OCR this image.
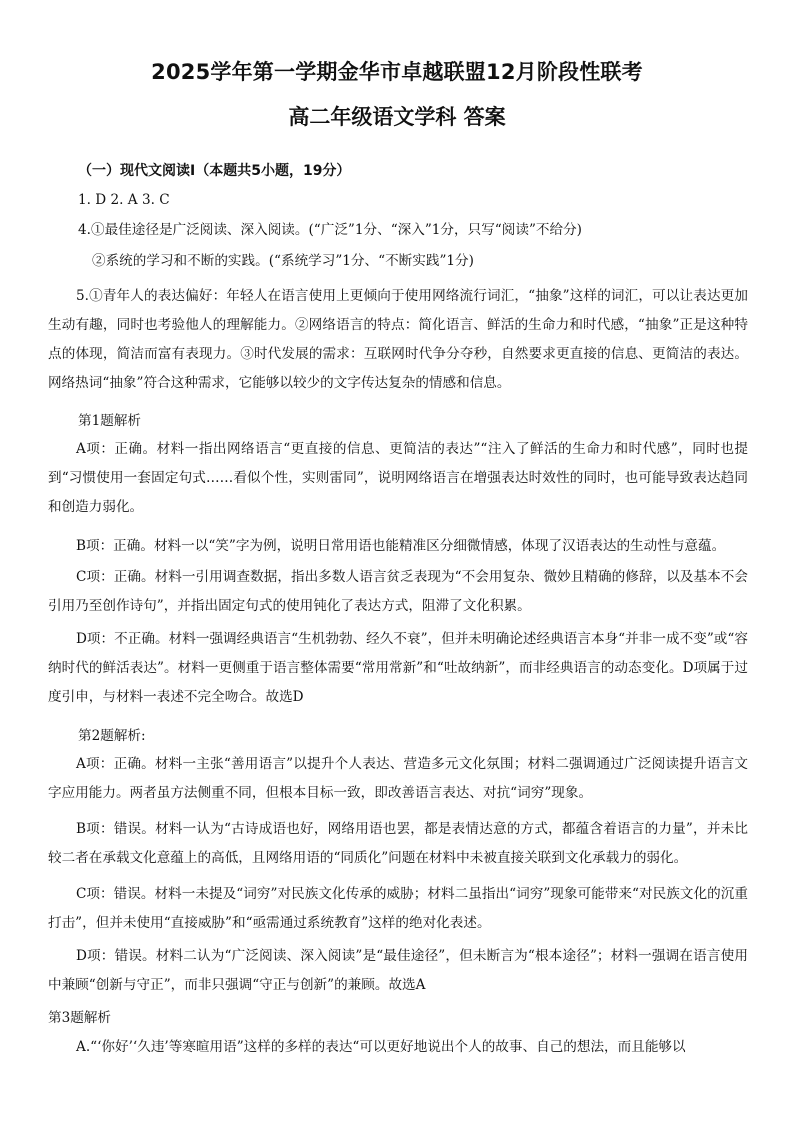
2025学年第一学期金华市卓越联盟12月阶段性联考
高二年级语文学科 答案
（一）现代文阅读Ⅰ（本题共5小题，19分）
1. D 2. A 3. C
4.①最佳途径是广泛阅读、深入阅读。(“广泛”1分、“深入”1分，只写“阅读”不给分)
②系统的学习和不断的实践。(“系统学习”1分、“不断实践”1分)
5.①青年人的表达偏好：年轻人在语言使用上更倾向于使用网络流行词汇，“抽象”这样的词汇，可以让表达更加生动有趣，同时也考验他人的理解能力。②网络语言的特点：简化语言、鲜活的生命力和时代感，“抽象”正是这种特点的体现，简洁而富有表现力。③时代发展的需求：互联网时代争分夺秒，自然要求更直接的信息、更简洁的表达。网络热词“抽象”符合这种需求，它能够以较少的文字传达复杂的情感和信息。
第1题解析
A项：正确。材料一指出网络语言“更直接的信息、更简洁的表达”“注入了鲜活的生命力和时代感”，同时也提到“习惯使用一套固定句式……看似个性，实则雷同”，说明网络语言在增强表达时效性的同时，也可能导致表达趋同和创造力弱化。
B项：正确。材料一以“笑”字为例，说明日常用语也能精准区分细微情感，体现了汉语表达的生动性与意蕴。
C项：正确。材料一引用调查数据，指出多数人语言贫乏表现为“不会用复杂、微妙且精确的修辞，以及基本不会引用乃至创作诗句”，并指出固定句式的使用钝化了表达方式，阻滞了文化积累。
D项：不正确。材料一强调经典语言“生机勃勃、经久不衰”，但并未明确论述经典语言本身“并非一成不变”或“容纳时代的鲜活表达”。材料一更侧重于语言整体需要“常用常新”和“吐故纳新”，而非经典语言的动态变化。D项属于过度引申，与材料一表述不完全吻合。故选D
第2题解析:
A项：正确。材料一主张“善用语言”以提升个人表达、营造多元文化氛围；材料二强调通过广泛阅读提升语言文字应用能力。两者虽方法侧重不同，但根本目标一致，即改善语言表达、对抗“词穷”现象。
B项：错误。材料一认为“古诗成语也好，网络用语也罢，都是表情达意的方式，都蕴含着语言的力量”，并未比较二者在承载文化意蕴上的高低，且网络用语的“同质化”问题在材料中未被直接关联到文化承载力的弱化。
C项：错误。材料一未提及“词穷”对民族文化传承的威胁；材料二虽指出“词穷”现象可能带来“对民族文化的沉重打击”，但并未使用“直接威胁”和“亟需通过系统教育”这样的绝对化表述。
D项：错误。材料二认为“广泛阅读、深入阅读”是“最佳途径”，但未断言为“根本途径”；材料一强调在语言使用中兼顾“创新与守正”，而非只强调“守正与创新”的兼顾。故选A
第3题解析
A.“‘你好’‘久违’等寒暄用语”这样的多样的表达“可以更好地说出个人的故事、自己的想法，而且能够以
